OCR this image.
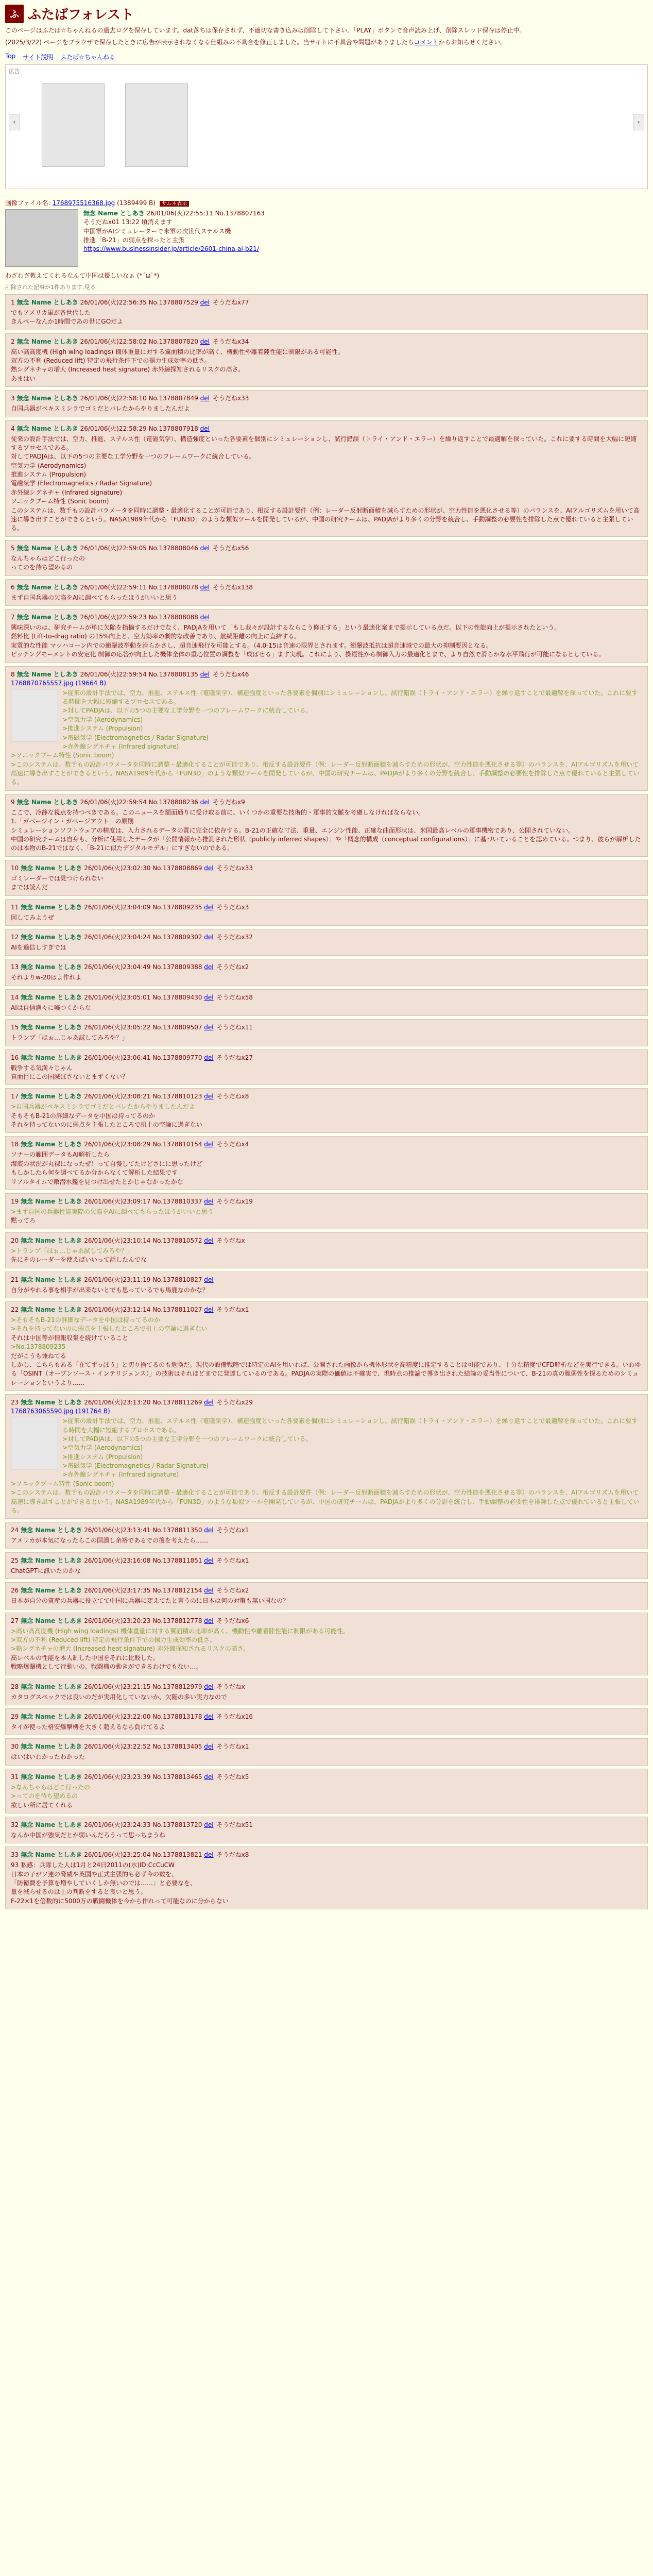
ふ ふたばフォレスト
このページはふたば☆ちゃんねるの過去ログを保存しています。dat落ちは保存されず、不適切な書き込みは削除して下さい。「PLAY」ボタンで音声読み上げ、削除スレッド保存は停止中。
(2025/3/22) ページをブラウザで保存したときに広告が表示されなくなる仕組みの不具合を修正しました。当サイトに不具合や問題がありましたらコメントからお知らせください。
Top サイト説明 ふたば☆ちゃんねる
広告
‹	›
画像ファイル名: 1768975516368.jpg (1389499 B) サムネ表示
無念 Name としあき 26/01/06(火)22:55:11 No.1378807163
そうだねx01 13:22 頃消えます
中国軍がAIシミュレーターで米軍の次世代ステルス機
推進「B-21」の弱点を探ったと主張
https://www.businessinsider.jp/article/2601-china-ai-b21/
わざわざ教えてくれるなんて中国は優しいなぁ (*´ω`*)
削除された記事が1件あります.見る
1 無念 Name としあき 26/01/06(火)22:56:35 No.1378807529 del そうだねx77
でもアメリカ軍が各世代した
きんべーなんか1時間であの世にGOだよ
2 無念 Name としあき 26/01/06(火)22:58:02 No.1378807820 del そうだねx34
高い高高度機 (High wing loadings) 機体重量に対する翼面積の比率が高く、機動性や離着陸性能に制限がある可能性。
双方の不利 (Reduced lift) 特定の飛行条件下での揚力生成効率の低さ。
熱シグネチャの増大 (Increased heat signature) 赤外線探知されるリスクの高さ。
あまはい
3 無念 Name としあき 26/01/06(火)22:58:10 No.1378807849 del そうだねx33
自国兵器がペキスミシラでゴミだとバレたからやりましたんだよ
4 無念 Name としあき 26/01/06(火)22:58:29 No.1378807918 del
従来の設計手法では、空力、推進、ステルス性（電磁気学）、構造強度といった各要素を個別にシミュレーションし、試行錯誤（トライ・アンド・エラー）を繰り返すことで最適解を探っていた。これに要する時間を大幅に短縮するプロセスである。
対してPADJAは、以下の5つの主要な工学分野を一つのフレームワークに統合している。
空気力学 (Aerodynamics)
推進システム (Propulsion)
電磁気学 (Electromagnetics / Radar Signature)
赤外線シグネチャ (Infrared signature)
ソニックブーム特性 (Sonic boom)
このシステムは、数千もの設計パラメータを同時に調整・最適化することが可能であり、相反する設計要件（例：レーダー反射断面積を減らすための形状が、空力性能を悪化させる等）のバランスを、AIアルゴリズムを用いて高速に導き出すことができるという。NASA1989年代から「FUN3D」のような類似ツールを開発しているが、中国の研究チームは、PADJAがより多くの分野を統合し、手動調整の必要性を排除した点で優れていると主張している。
5 無念 Name としあき 26/01/06(火)22:59:05 No.1378808046 del そうだねx56
なんちゃらはどこ行ったの
ってのを待ち望めるの
6 無念 Name としあき 26/01/06(火)22:59:11 No.1378808078 del そうだねx138
まず自国兵器の欠陥をAIに調べてもらったほうがいいと思う
7 無念 Name としあき 26/01/06(火)22:59:23 No.1378808088 del
興味深いのは、研究チームが単に欠陥を指摘するだけでなく、PADJAを用いて「もし我々が設計するならこう修正する」という最適化案まで提示している点だ。以下の性能向上が提示されたという。
燃料比 (Lift-to-drag ratio) の15%向上と、空力効率の劇的な改善であり、航続距離の向上に直結する。
実質的な性能 マッハコーン内での衝撃波挙動を滑らかさし、超音速飛行を可能とする。（4.0-15は音速の限界とされます。衝撃波抵抗は超音速域での最大の抑制要因となる。
ピッチングモーメントの安定化 制御の応答が向上した機体全体の重心位置の調整を「成ばせる」ます実現。これにより、操縦性から制御入力の最適化とまで、より自然で滑らかな水平飛行が可能になるとしている。
8 無念 Name としあき 26/01/06(火)22:59:54 No.1378808135 del そうだねx46
1768870765557.jpg (19664 B)
>従来の設計手法では、空力、推進、ステルス性（電磁気学）、構造強度といった各要素を個別にシミュレーションし、試行錯誤（トライ・アンド・エラー）を繰り返すことで最適解を探っていた。これに要する時間を大幅に短縮するプロセスである。
>対してPADJAは、以下の5つの主要な工学分野を一つのフレームワークに統合している。
>空気力学 (Aerodynamics)
>推進システム (Propulsion)
>電磁気学 (Electromagnetics / Radar Signature)
>赤外線シグネチャ (Infrared signature)
>ソニックブーム特性 (Sonic boom)
>このシステムは、数千もの設計パラメータを同時に調整・最適化することが可能であり、相反する設計要件（例：レーダー反射断面積を減らすための形状が、空力性能を悪化させる等）のバランスを、AIアルゴリズムを用いて高速に導き出すことができるという。NASA1989年代から「FUN3D」のような類似ツールを開発しているが、中国の研究チームは、PADJAがより多くの分野を統合し、手動調整の必要性を排除した点で優れていると主張している。
9 無念 Name としあき 26/01/06(火)22:59:54 No.1378808236 del そうだねx9
ここで、冷静な視点を持つべきである。このニュースを額面通りに受け取る前に、いくつかの重要な技術的・軍事的文脈を考慮しなければならない。
1.「ガベージイン・ガベージアウト」の原則
シミュレーションソフトウェアの精度は、入力されるデータの質に完全に依存する。B-21の正確な寸法、重量、エンジン性能、正確な曲面形状は、米国最高レベルの軍事機密であり、公開されていない。
中国の研究チームは自身も、分析に使用したデータが「公開情報から推測された形状（publicly inferred shapes）」や「概念的構成（conceptual configurations）」に基づいていることを認めている。つまり、彼らが解析したのは本物のB-21ではなく、「B-21に似たデジタルモデル」にすぎないのである。
10 無念 Name としあき 26/01/06(火)23:02:30 No.1378808869 del そうだねx33
ゴミレーダーでは見つけられない
までは読んだ
11 無念 Name としあき 26/01/06(火)23:04:09 No.1378809235 del そうだねx3
図してみようぜ
12 無念 Name としあき 26/01/06(火)23:04:24 No.1378809302 del そうだねx32
AIを過信しすぎでは
13 無念 Name としあき 26/01/06(火)23:04:49 No.1378809388 del そうだねx2
それよりw-20はよ作れよ
14 無念 Name としあき 26/01/06(火)23:05:01 No.1378809430 del そうだねx58
AIは自信満々に嘘つくからな
15 無念 Name としあき 26/01/06(火)23:05:22 No.1378809507 del そうだねx11
トランプ「ほぉ…じゃあ試してみろや？」
16 無念 Name としあき 26/01/06(火)23:06:41 No.1378809770 del そうだねx27
戦争する気満々じゃん
真面目にこの国滅ぼさないとまずくない？
17 無念 Name としあき 26/01/06(火)23:08:21 No.1378810123 del そうだねx8
>自国兵器がペキスミシラでゴミだとバレたからやりましたんだよ
そもそもB-21の詳細なデータを中国は持ってるのか
それを持ってないのに弱点を主張したところで机上の空論に過ぎない
18 無念 Name としあき 26/01/06(火)23:08:29 No.1378810154 del そうだねx4
ソナーの範囲データもAI解析したら
海底の状況が丸裸になったぜ！って自慢してたけどさにに思ったけど
もしかしたら何を調べてるか分からなくて解析した結果です
リアルタイムで敵潜水艦を見つけ出せたとかじゃなかったかな
19 無念 Name としあき 26/01/06(火)23:09:17 No.1378810337 del そうだねx19
>まず自国の兵器性能実際の欠陥をAIに調べてもらったほうがいいと思う
黙ってろ
20 無念 Name としあき 26/01/06(火)23:10:14 No.1378810572 del そうだねx
>トランプ「ほぉ…じゃあ試してみろや？」
先にそのレーダーを使えばいいって話したんでな
21 無念 Name としあき 26/01/06(火)23:11:19 No.1378810827 del
自分がやれる事を相手が出来ないとでも思っているでも馬鹿なのかな？
22 無念 Name としあき 26/01/06(火)23:12:14 No.1378811027 del そうだねx1
>そもそもB-21の詳細なデータを中国は持ってるのか
>それを持ってないのに弱点を主張したところで机上の空論に過ぎない
それは中国等が情報収集を続けていること
>No.1378809235
だがこうも兼ねてる
しかし、こちらもある「在てずっぽう」と切り捨てるのも危険だ。現代の設備戦略では特定のAIを用いれば、公開された画像から機体形状を高精度に推定することは可能であり、十分な精度でCFD解析などを実行できる。いわゆる「OSINT（オープンソース・インテリジェンス）」の技術はそれほどまでに発達しているのである。PADJAの実際の価値は不確実で、現時点の推論で導き出された結論の妥当性について、B-21の真の脆弱性を探るためのシミュレーションというより……
23 無念 Name としあき 26/01/06(火)23:13:20 No.1378811269 del そうだねx29
1768763065590.jpg (191764 B)
>従来の設計手法では、空力、推進、ステルス性（電磁気学）、構造強度といった各要素を個別にシミュレーションし、試行錯誤（トライ・アンド・エラー）を繰り返すことで最適解を探っていた。これに要する時間を大幅に短縮するプロセスである。
>対してPADJAは、以下の5つの主要な工学分野を一つのフレームワークに統合している。
>空気力学 (Aerodynamics)
>推進システム (Propulsion)
>電磁気学 (Electromagnetics / Radar Signature)
>赤外線シグネチャ (Infrared signature)
>ソニックブーム特性 (Sonic boom)
>このシステムは、数千もの設計パラメータを同時に調整・最適化することが可能であり、相反する設計要件（例：レーダー反射断面積を減らすための形状が、空力性能を悪化させる等）のバランスを、AIアルゴリズムを用いて高速に導き出すことができるという。NASA1989年代から「FUN3D」のような類似ツールを開発しているが、中国の研究チームは、PADJAがより多くの分野を統合し、手動調整の必要性を排除した点で優れていると主張している。
24 無念 Name としあき 26/01/06(火)23:13:41 No.1378811350 del そうだねx1
アメリカが本気になったらこの国潰し余裕であるでの後を考えたら……
25 無念 Name としあき 26/01/06(火)23:16:08 No.1378811851 del そうだねx1
ChatGPTに訊いたのかな
26 無念 Name としあき 26/01/06(火)23:17:35 No.1378812154 del そうだねx2
日本が自分の資産の兵器に役立てて中国に兵器に変えてたと言うのに日本は何の対策も無い国なの？
27 無念 Name としあき 26/01/06(火)23:20:23 No.1378812778 del そうだねx6
>高い高高度機 (High wing loadings) 機体重量に対する翼面積の比率が高く、機動性や離着陸性能に制限がある可能性。
>双方の不利 (Reduced lift) 特定の飛行条件下での揚力生成効率の低さ。
>熱シグネチャの増大 (Increased heat signature) 赤外線探知されるリスクの高さ。
高レベルの性能を本人制した中国をそれに比較した。
戦略爆撃機として行動いの。戦闘機の動きができるわけでもない…。
28 無念 Name としあき 26/01/06(火)23:21:15 No.1378812979 del そうだねx
カタログスペックでは良いのだが実用化していないか、欠陥の多い実力なので
29 無念 Name としあき 26/01/06(火)23:22:00 No.1378813178 del そうだねx16
タイが使った格安爆撃機を大きく超えるなら負けてるよ
30 無念 Name としあき 26/01/06(火)23:22:52 No.1378813405 del そうだねx1
はいはいわかったわかった
31 無念 Name としあき 26/01/06(火)23:23:39 No.1378813465 del そうだねx5
>なんちゃらはどこ行ったの
>ってのを待ち望めるの
欲しい所に居てくれる
32 無念 Name としあき 26/01/06(火)23:24:33 No.1378813720 del そうだねx51
なんか中国が強気だとか弱いんだろうって思っちまうね
33 無念 Name としあき 26/01/06(火)23:25:04 No.1378813821 del そうだねx8
93 私感：兵隊した人は1月と24日2011の(水)ID:CcCuCW
日本の子がソ連の脅威や英国や正式主張的も必ず今の数を、
「防衛費を予算を増やしていくしか無いのでは……」と必要なを、
量を減らせるのは上の判断をすると良いと思う。
F-22×1を倍数的に5000万の戦闘機体を今から作れって可能なのに分からない
